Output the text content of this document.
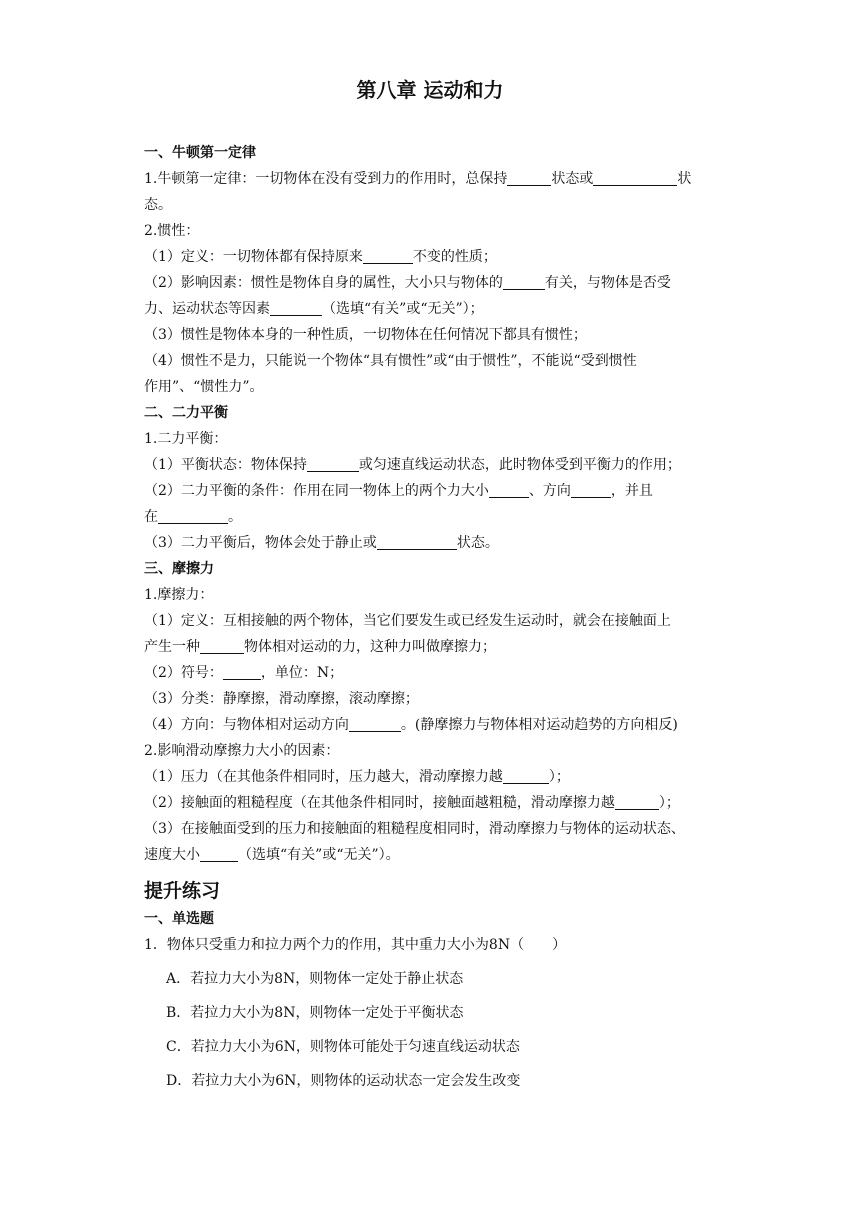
第八章 运动和力
一、牛顿第一定律
1.牛顿第一定律：一切物体在没有受到力的作用时，总保持	状态或	状
态。
2.惯性：
（1）定义：一切物体都有保持原来	不变的性质；
（2）影响因素：惯性是物体自身的属性，大小只与物体的	有关，与物体是否受
力、运动状态等因素	（选填“有关”或“无关”）；
（3）惯性是物体本身的一种性质，一切物体在任何情况下都具有惯性；
（4）惯性不是力，只能说一个物体“具有惯性”或“由于惯性”，不能说“受到惯性
作用”、“惯性力”。
二、二力平衡
1.二力平衡：
（1）平衡状态：物体保持	或匀速直线运动状态，此时物体受到平衡力的作用；
（2）二力平衡的条件：作用在同一物体上的两个力大小	、方向	，并且
在	。
（3）二力平衡后，物体会处于静止或	状态。
三、摩擦力
1.摩擦力：
（1）定义：互相接触的两个物体，当它们要发生或已经发生运动时，就会在接触面上
产生一种	物体相对运动的力，这种力叫做摩擦力；
（2）符号：	，单位：N；
（3）分类：静摩擦，滑动摩擦，滚动摩擦；
（4）方向：与物体相对运动方向	。(静摩擦力与物体相对运动趋势的方向相反)
2.影响滑动摩擦力大小的因素：
（1）压力（在其他条件相同时，压力越大，滑动摩擦力越	）；
（2）接触面的粗糙程度（在其他条件相同时，接触面越粗糙，滑动摩擦力越	）；
（3）在接触面受到的压力和接触面的粗糙程度相同时，滑动摩擦力与物体的运动状态、
速度大小	（选填“有关”或“无关”）。
提升练习
一、单选题
1．物体只受重力和拉力两个力的作用，其中重力大小为8N（　　）
A．若拉力大小为8N，则物体一定处于静止状态
B．若拉力大小为8N，则物体一定处于平衡状态
C．若拉力大小为6N，则物体可能处于匀速直线运动状态
D．若拉力大小为6N，则物体的运动状态一定会发生改变
